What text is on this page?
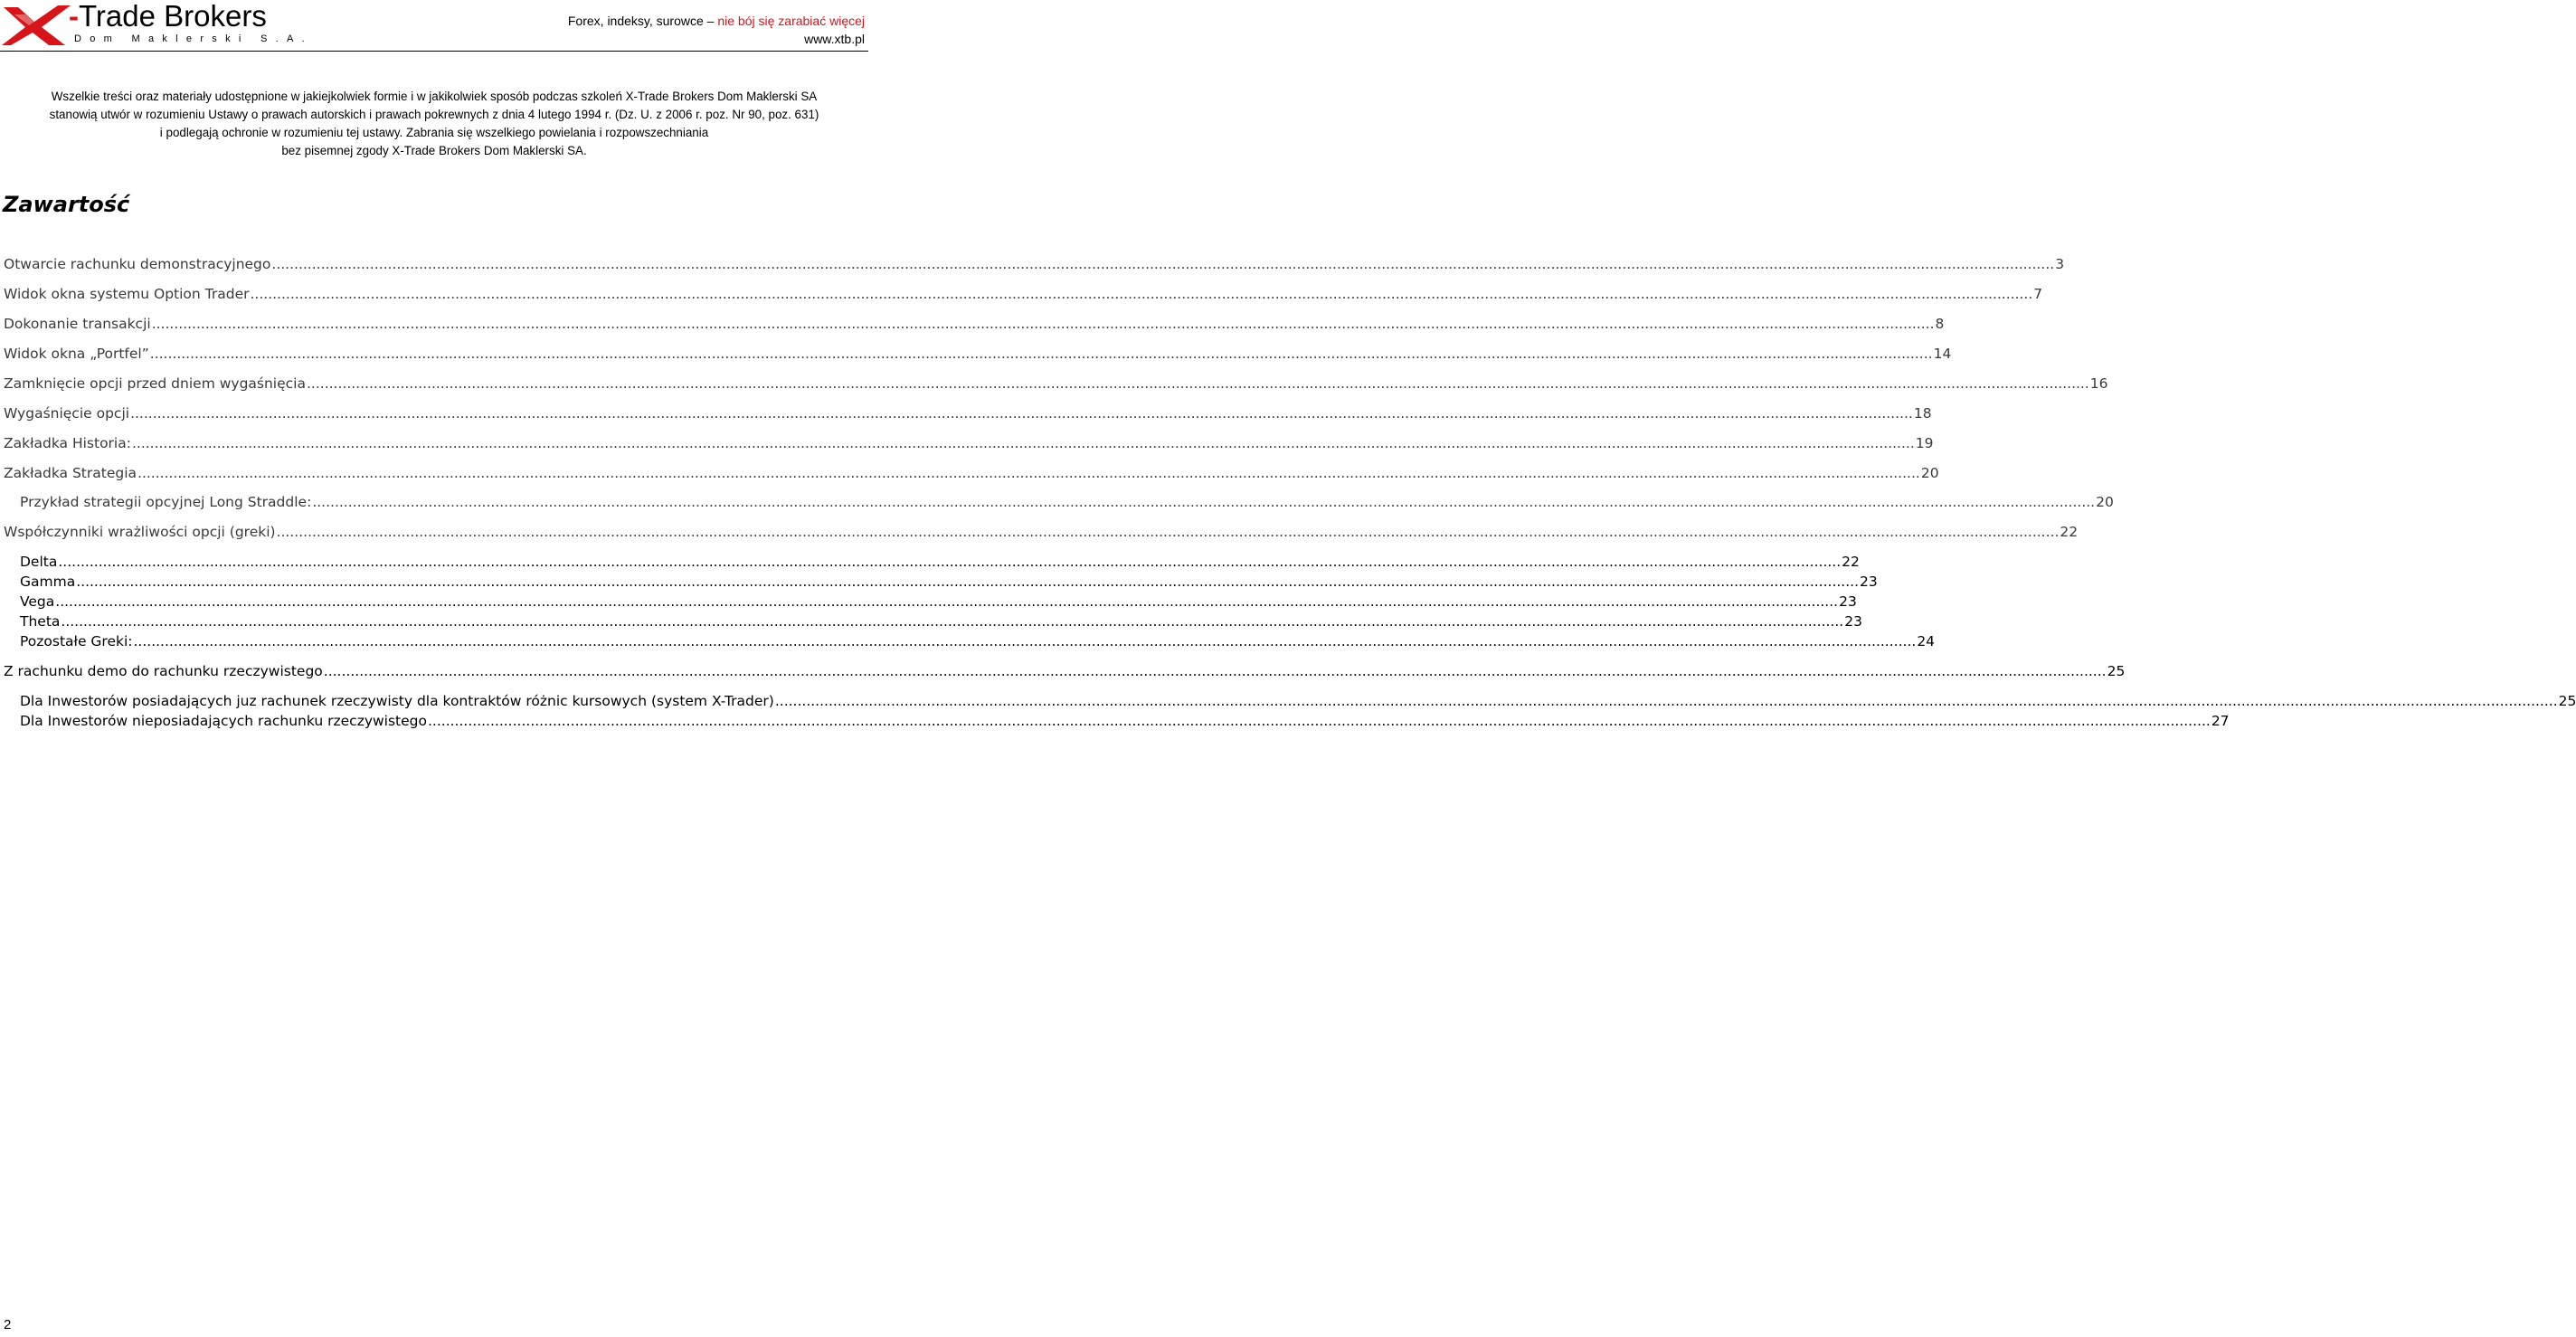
-Trade Brokers
Dom Maklerski S.A.
Forex, indeksy, surowce – nie bój się zarabiać więcej
www.xtb.pl
Wszelkie treści oraz materiały udostępnione w jakiejkolwiek formie i w jakikolwiek sposób podczas szkoleń X-Trade Brokers Dom Maklerski SA
stanowią utwór w rozumieniu Ustawy o prawach autorskich i prawach pokrewnych z dnia 4 lutego 1994 r. (Dz. U. z 2006 r. poz. Nr 90, poz. 631)
i podlegają ochronie w rozumieniu tej ustawy. Zabrania się wszelkiego powielania i rozpowszechniania
bez pisemnej zgody X-Trade Brokers Dom Maklerski SA.
Zawartość
Otwarcie rachunku demonstracyjnego ................................................................................................................................................................................................................................................................................................................................................................................................................ 3
Widok okna systemu Option Trader ................................................................................................................................................................................................................................................................................................................................................................................................................ 7
Dokonanie transakcji ................................................................................................................................................................................................................................................................................................................................................................................................................ 8
Widok okna „Portfel” ................................................................................................................................................................................................................................................................................................................................................................................................................ 14
Zamknięcie opcji przed dniem wygaśnięcia ................................................................................................................................................................................................................................................................................................................................................................................................................ 16
Wygaśnięcie opcji ................................................................................................................................................................................................................................................................................................................................................................................................................ 18
Zakładka Historia: ................................................................................................................................................................................................................................................................................................................................................................................................................ 19
Zakładka Strategia ................................................................................................................................................................................................................................................................................................................................................................................................................ 20
Przykład strategii opcyjnej Long Straddle: ................................................................................................................................................................................................................................................................................................................................................................................................................ 20
Współczynniki wrażliwości opcji (greki) ................................................................................................................................................................................................................................................................................................................................................................................................................ 22
Delta ................................................................................................................................................................................................................................................................................................................................................................................................................ 22
Gamma ................................................................................................................................................................................................................................................................................................................................................................................................................ 23
Vega ................................................................................................................................................................................................................................................................................................................................................................................................................ 23
Theta ................................................................................................................................................................................................................................................................................................................................................................................................................ 23
Pozostałe Greki: ................................................................................................................................................................................................................................................................................................................................................................................................................ 24
Z rachunku demo do rachunku rzeczywistego ................................................................................................................................................................................................................................................................................................................................................................................................................ 25
Dla Inwestorów posiadających juz rachunek rzeczywisty dla kontraktów różnic kursowych (system X-Trader) ................................................................................................................................................................................................................................................................................................................................................................................................................ 25
Dla Inwestorów nieposiadających rachunku rzeczywistego ................................................................................................................................................................................................................................................................................................................................................................................................................ 27
2
